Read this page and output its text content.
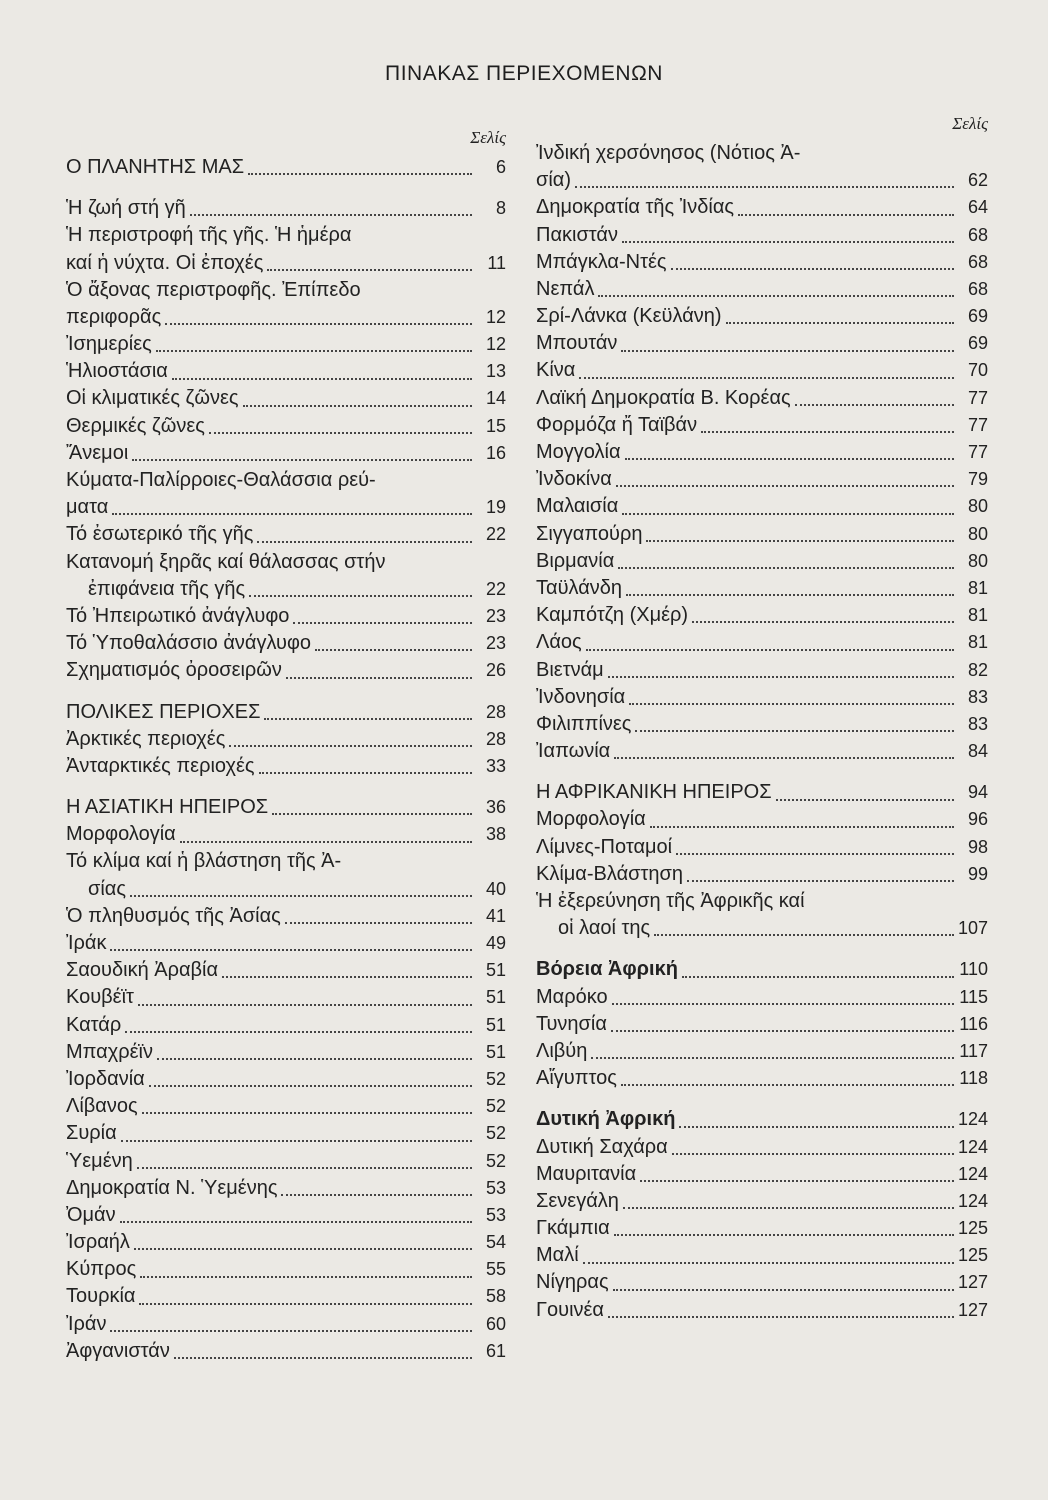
ΠΙΝΑΚΑΣ ΠΕΡΙΕΧΟΜΕΝΩΝ
Σελίς
Ο ΠΛΑΝΗΤΗΣ ΜΑΣ	6
Ἡ ζωή στή γῆ	8
Ἡ περιστροφή τῆς γῆς. Ἡ ἡμέρα
καί ἡ νύχτα. Οἱ ἐποχές	11
Ὁ ἄξονας περιστροφῆς. Ἐπίπεδο
περιφορᾶς	12
Ἰσημερίες	12
Ἡλιοστάσια	13
Οἱ κλιματικές ζῶνες	14
Θερμικές ζῶνες	15
Ἄνεμοι	16
Κύματα-Παλίρροιες-Θαλάσσια ρεύ-
ματα	19
Τό ἐσωτερικό τῆς γῆς	22
Κατανομή ξηρᾶς καί θάλασσας στήν
ἐπιφάνεια τῆς γῆς	22
Τό Ἠπειρωτικό ἀνάγλυφο	23
Τό Ὑποθαλάσσιο ἀνάγλυφο	23
Σχηματισμός ὀροσειρῶν	26
ΠΟΛΙΚΕΣ ΠΕΡΙΟΧΕΣ	28
Ἀρκτικές περιοχές	28
Ἀνταρκτικές περιοχές	33
Η ΑΣΙΑΤΙΚΗ ΗΠΕΙΡΟΣ	36
Μορφολογία	38
Τό κλίμα καί ἡ βλάστηση τῆς Ἀ-
σίας	40
Ὁ πληθυσμός τῆς Ἀσίας	41
Ἰράκ	49
Σαουδική Ἀραβία	51
Κουβέϊτ	51
Κατάρ	51
Μπαχρέϊν	51
Ἰορδανία	52
Λίβανος	52
Συρία	52
Ὑεμένη	52
Δημοκρατία Ν. Ὑεμένης	53
Ὀμάν	53
Ἰσραήλ	54
Κύπρος	55
Τουρκία	58
Ἰράν	60
Ἀφγανιστάν	61
Σελίς
Ἰνδική χερσόνησος (Νότιος Ἀ-
σία)	62
Δημοκρατία τῆς Ἰνδίας	64
Πακιστάν	68
Μπάγκλα-Ντές	68
Νεπάλ	68
Σρί-Λάνκα (Κεϋλάνη)	69
Μπουτάν	69
Κίνα	70
Λαϊκή Δημοκρατία Β. Κορέας	77
Φορμόζα ἤ Ταϊβάν	77
Μογγολία	77
Ἰνδοκίνα	79
Μαλαισία	80
Σιγγαπούρη	80
Βιρμανία	80
Ταϋλάνδη	81
Καμπότζη (Χμέρ)	81
Λάος	81
Βιετνάμ	82
Ἰνδονησία	83
Φιλιππίνες	83
Ἰαπωνία	84
Η ΑΦΡΙΚΑΝΙΚΗ ΗΠΕΙΡΟΣ	94
Μορφολογία	96
Λίμνες-Ποταμοί	98
Κλίμα-Βλάστηση	99
Ἡ ἐξερεύνηση τῆς Ἀφρικῆς καί
οἱ λαοί της	107
Βόρεια Ἀφρική	110
Μαρόκο	115
Τυνησία	116
Λιβύη	117
Αἴγυπτος	118
Δυτική Ἀφρική	124
Δυτική Σαχάρα	124
Μαυριτανία	124
Σενεγάλη	124
Γκάμπια	125
Μαλί	125
Νίγηρας	127
Γουινέα	127
